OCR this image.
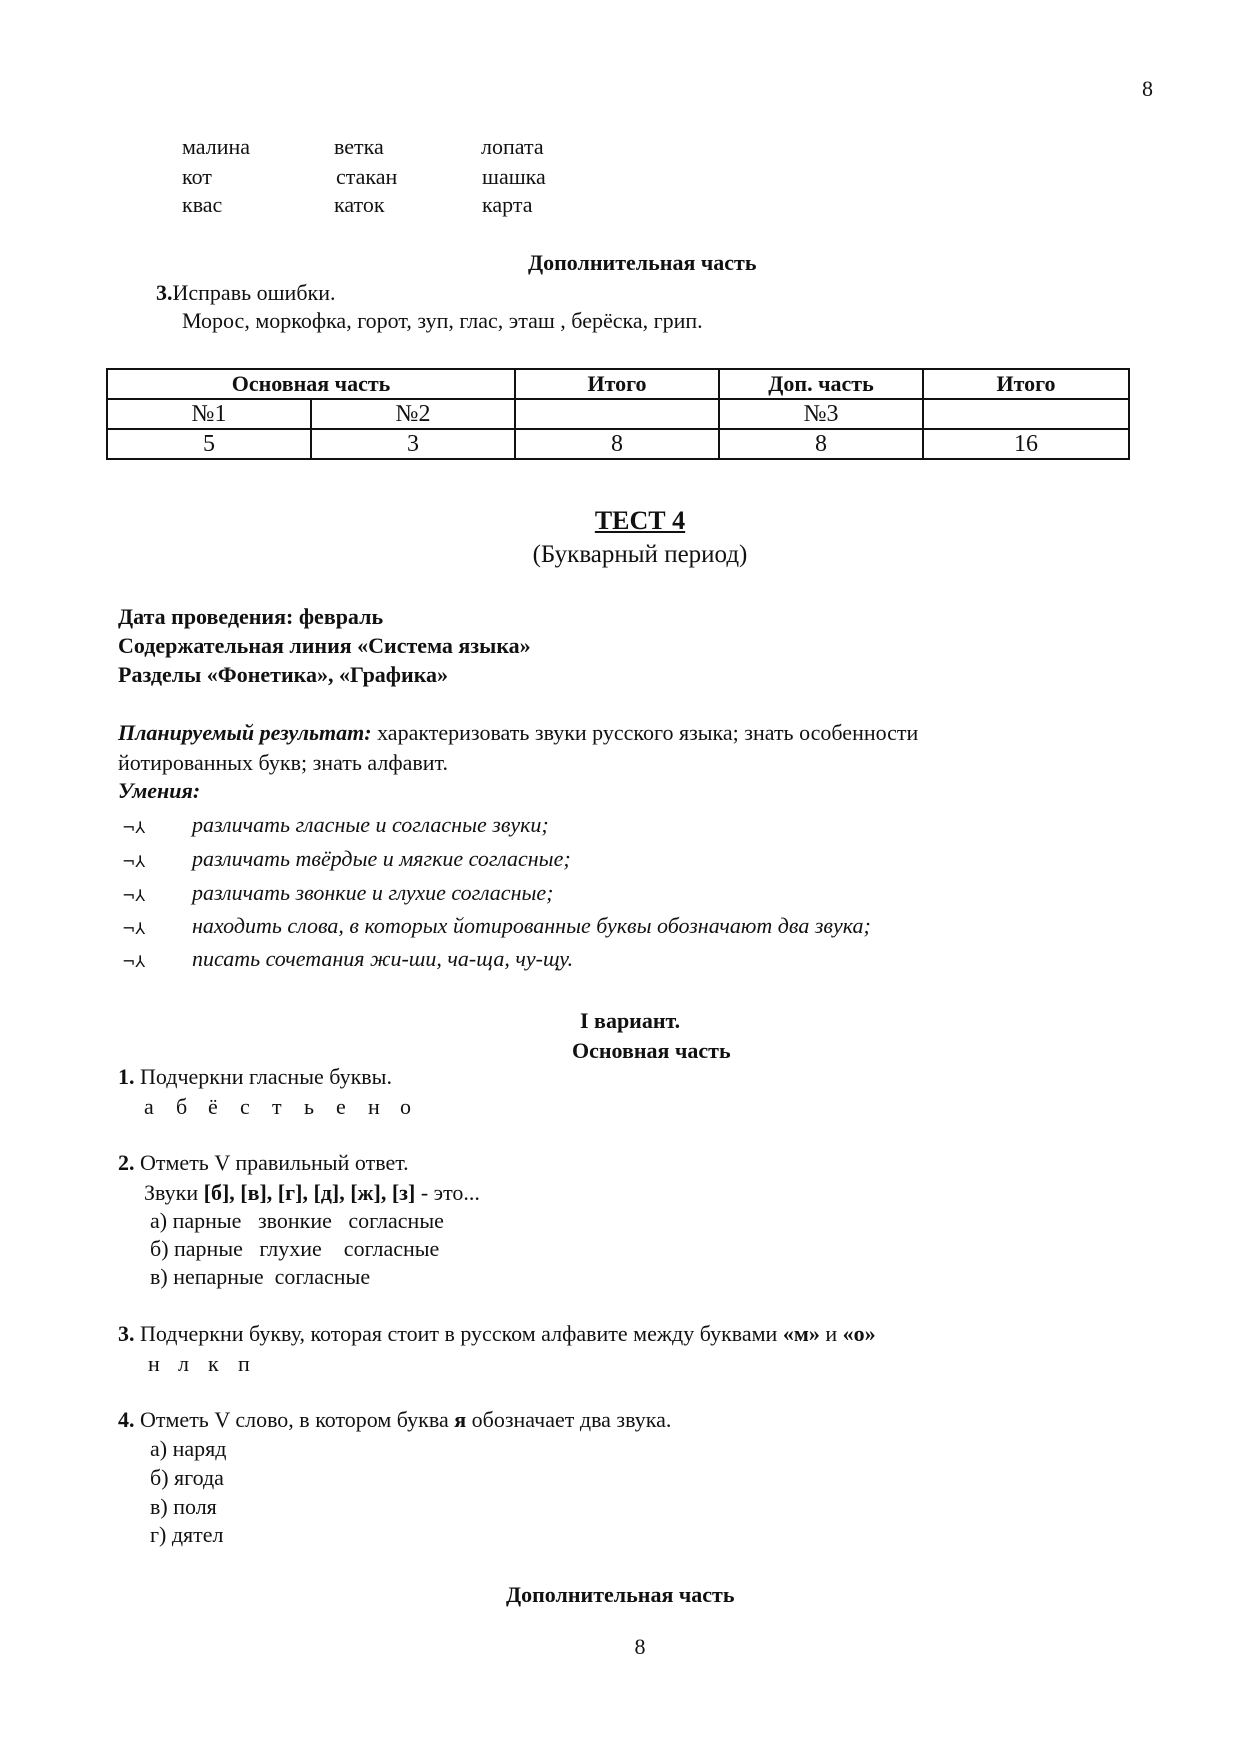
8
малина	ветка	лопата
кот	стакан	шашка
квас	каток	карта
Дополнительная часть
3.Исправь ошибки.
Морос, моркофка, горот, зуп, глас, эташ , берёска, грип.
Основная часть		Итого	Доп. часть	Итого
№1	№2		№3	
5	3	8	8	16
ТЕСТ 4
(Букварный период)
Дата проведения: февраль
Содержательная линия «Система языка»
Разделы «Фонетика», «Графика»
Планируемый результат: характеризовать звуки русского языка; знать особенности
йотированных букв; знать алфавит.
Умения:
¬⅄ различать гласные и согласные звуки;
¬⅄ различать твёрдые и мягкие согласные;
¬⅄ различать звонкие и глухие согласные;
¬⅄ находить слова, в которых йотированные буквы обозначают два звука;
¬⅄ писать сочетания жи-ши, ча-ща, чу-щу.
I вариант.
Основная часть
1. Подчеркни гласные буквы.
а б ё с т ь е н о
2. Отметь V правильный ответ.
Звуки [б], [в], [г], [д], [ж], [з] - это...
а) парные   звонкие   согласные
б) парные   глухие    согласные
в) непарные  согласные
3. Подчеркни букву, которая стоит в русском алфавите между буквами «м» и «о»
н л к п
4. Отметь V слово, в котором буква я обозначает два звука.
а) наряд
б) ягода
в) поля
г) дятел
Дополнительная часть
8
